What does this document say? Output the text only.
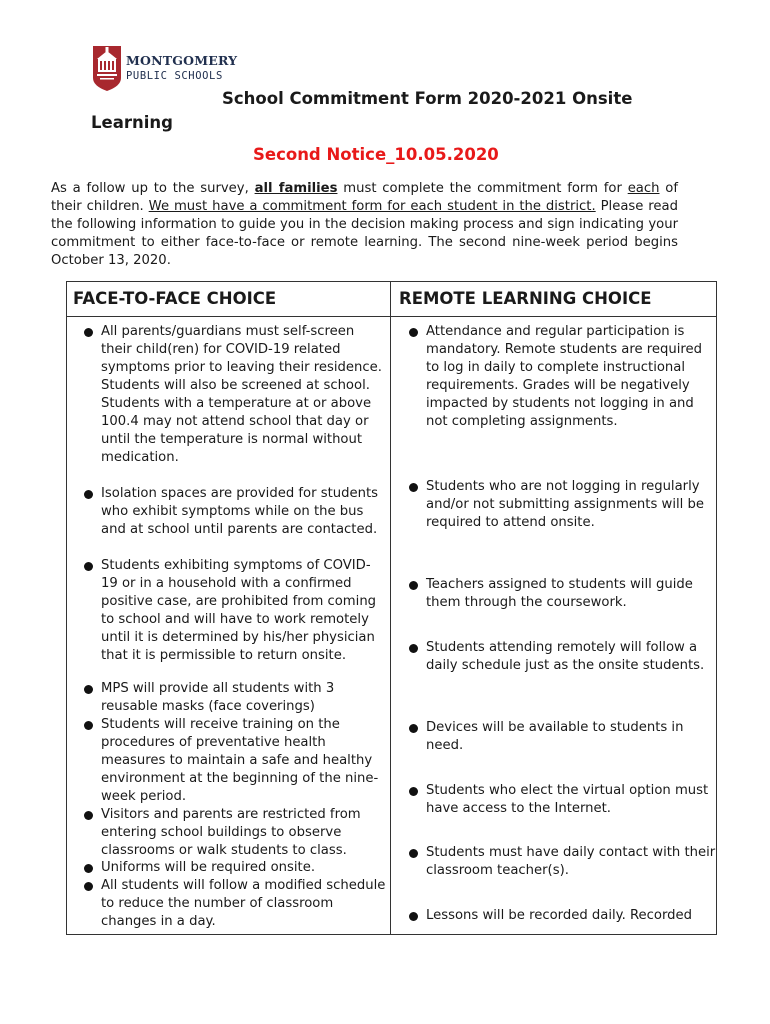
MONTGOMERY
PUBLIC SCHOOLS
School Commitment Form 2020-2021 Onsite
Learning
Second Notice_10.05.2020

As a follow up to the survey, all families must complete the commitment form for each of their children. We must have a commitment form for each student in the district. Please read the following information to guide you in the decision making process and sign indicating your commitment to either face-to-face or remote learning. The second nine-week period begins October 13, 2020.

FACE-TO-FACE CHOICE	REMOTE LEARNING CHOICE

All parents/guardians must self-screen their child(ren) for COVID-19 related symptoms prior to leaving their residence. Students will also be screened at school. Students with a temperature at or above 100.4 may not attend school that day or until the temperature is normal without medication.

Isolation spaces are provided for students who exhibit symptoms while on the bus and at school until parents are contacted.

Students exhibiting symptoms of COVID-19 or in a household with a confirmed positive case, are prohibited from coming to school and will have to work remotely until it is determined by his/her physician that it is permissible to return onsite.

MPS will provide all students with 3 reusable masks (face coverings)

Students will receive training on the procedures of preventative health measures to maintain a safe and healthy environment at the beginning of the nine-week period.

Visitors and parents are restricted from entering school buildings to observe classrooms or walk students to class.

Uniforms will be required onsite.

All students will follow a modified schedule to reduce the number of classroom changes in a day.

Attendance and regular participation is mandatory. Remote students are required to log in daily to complete instructional requirements. Grades will be negatively impacted by students not logging in and not completing assignments.

Students who are not logging in regularly and/or not submitting assignments will be required to attend onsite.

Teachers assigned to students will guide them through the coursework.

Students attending remotely will follow a daily schedule just as the onsite students.

Devices will be available to students in need.

Students who elect the virtual option must have access to the Internet.

Students must have daily contact with their classroom teacher(s).

Lessons will be recorded daily. Recorded
